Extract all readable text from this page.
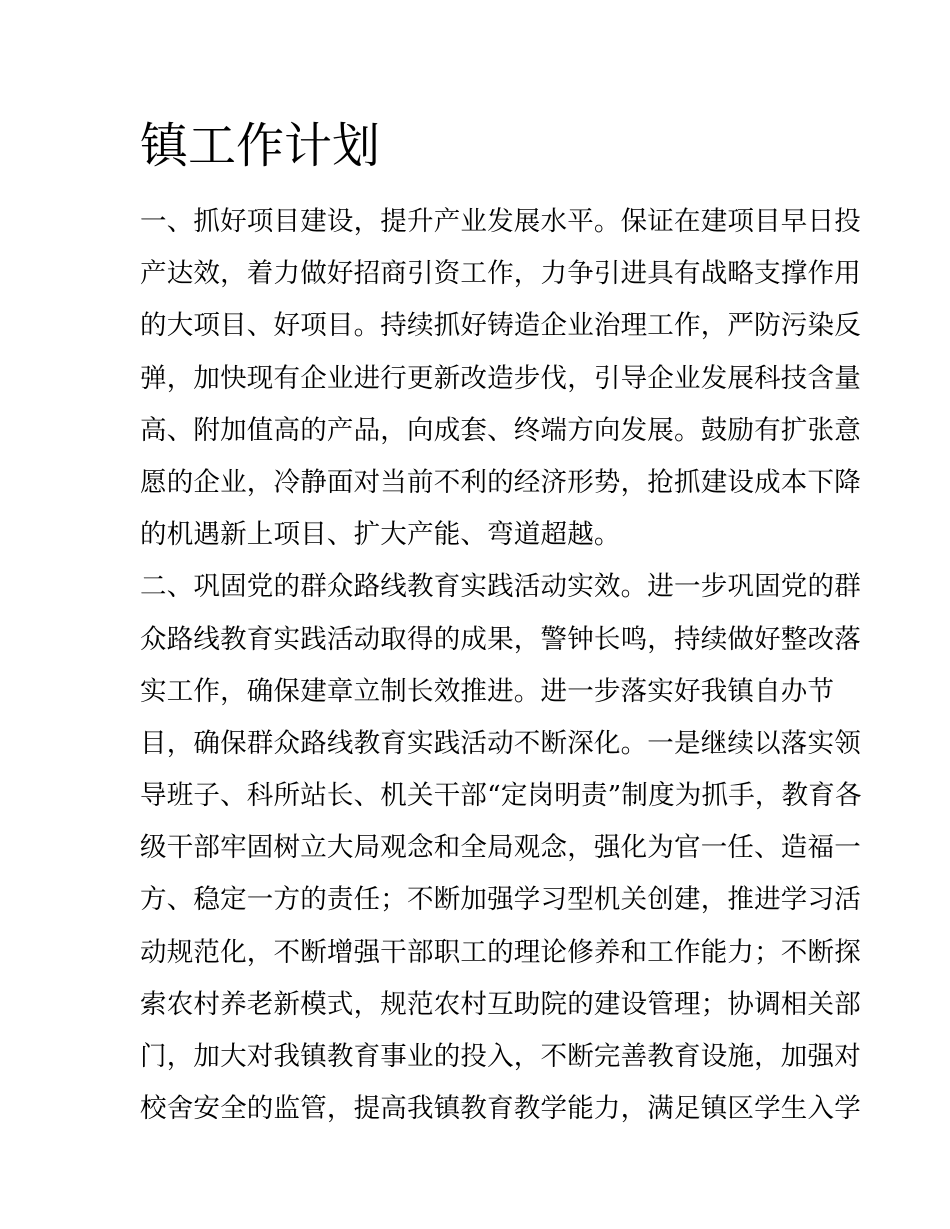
镇工作计划
一、抓好项目建设，提升产业发展水平。保证在建项目早日投
产达效，着力做好招商引资工作，力争引进具有战略支撑作用
的大项目、好项目。持续抓好铸造企业治理工作，严防污染反
弹，加快现有企业进行更新改造步伐，引导企业发展科技含量
高、附加值高的产品，向成套、终端方向发展。鼓励有扩张意
愿的企业，冷静面对当前不利的经济形势，抢抓建设成本下降
的机遇新上项目、扩大产能、弯道超越。
二、巩固党的群众路线教育实践活动实效。进一步巩固党的群
众路线教育实践活动取得的成果，警钟长鸣，持续做好整改落
实工作，确保建章立制长效推进。进一步落实好我镇自办节
目，确保群众路线教育实践活动不断深化。一是继续以落实领
导班子、科所站长、机关干部“定岗明责”制度为抓手，教育各
级干部牢固树立大局观念和全局观念，强化为官一任、造福一
方、稳定一方的责任；不断加强学习型机关创建，推进学习活
动规范化，不断增强干部职工的理论修养和工作能力；不断探
索农村养老新模式，规范农村互助院的建设管理；协调相关部
门，加大对我镇教育事业的投入，不断完善教育设施，加强对
校舍安全的监管，提高我镇教育教学能力，满足镇区学生入学
